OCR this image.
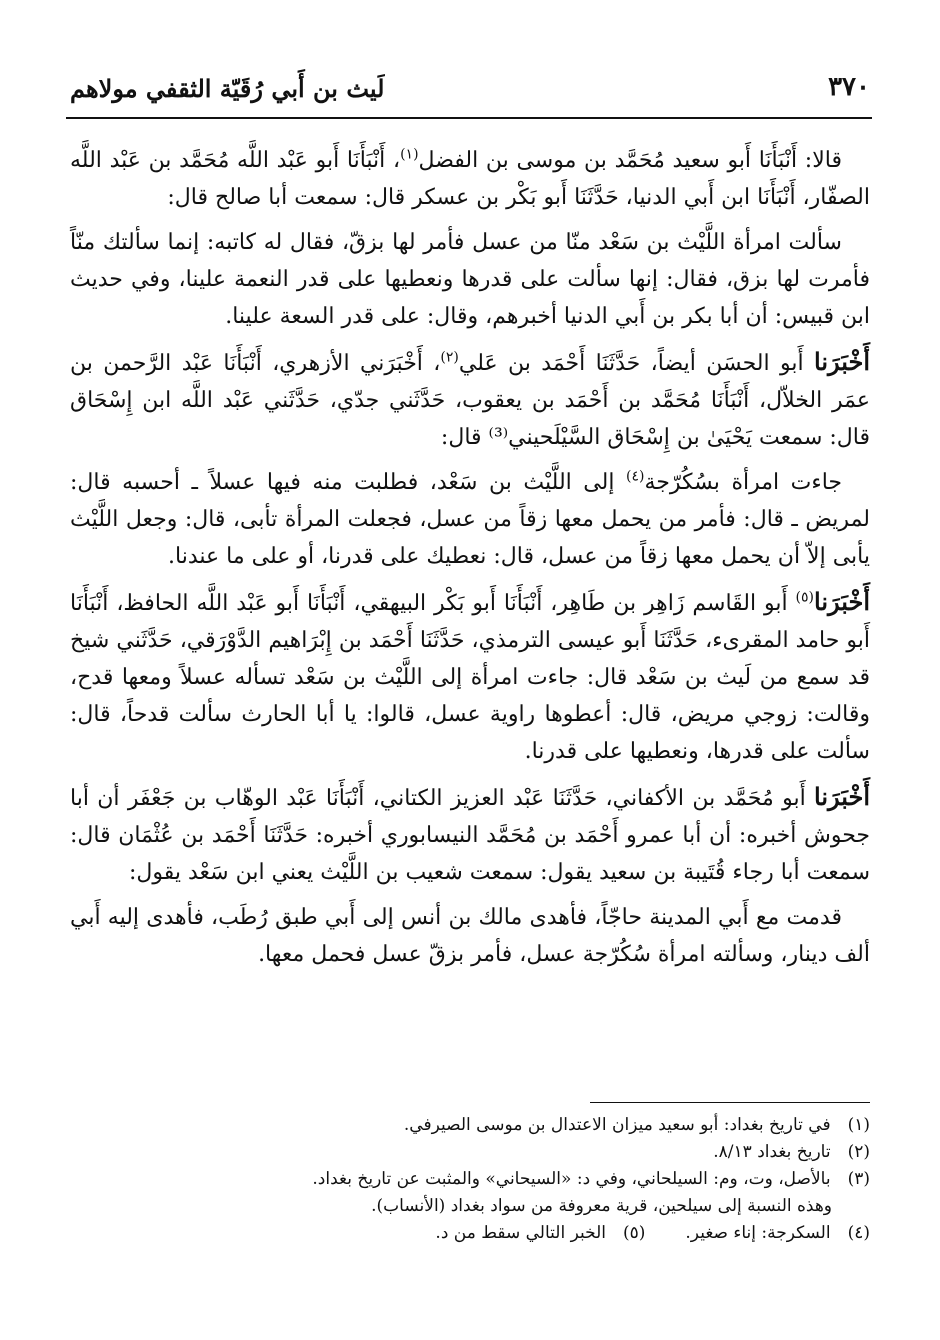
٣٧٠
لَيث بن أَبي رُقَيّة الثقفي مولاهم

قالا: أَنْبَأَنَا أَبو سعيد مُحَمَّد بن موسى بن الفضل$^{(١)}$، أَنْبَأَنَا أَبو عَبْد اللَّه مُحَمَّد بن عَبْد اللَّه الصفّار، أَنْبَأَنَا ابن أَبي الدنيا، حَدَّثَنَا أَبو بَكْر بن عسكر قال: سمعت أبا صالح قال:

سألت امرأة اللَّيْث بن سَعْد منّا من عسل فأمر لها بزقّ، فقال له كاتبه: إنما سألتك منّاً فأمرت لها بزق، فقال: إنها سألت على قدرها ونعطيها على قدر النعمة علينا، وفي حديث ابن قبيس: أن أبا بكر بن أَبي الدنيا أخبرهم، وقال: على قدر السعة علينا.

أَخْبَرَنا أَبو الحسَن أيضاً، حَدَّثَنَا أَحْمَد بن عَلي$^{(٢)}$، أَخْبَرَني الأزهري، أَنْبَأَنَا عَبْد الرَّحمن بن عمَر الخلاّل، أَنْبَأَنَا مُحَمَّد بن أَحْمَد بن يعقوب، حَدَّثَني جدّي، حَدَّثَني عَبْد اللَّه ابن إِسْحَاق قال: سمعت يَحْيَىٰ بن إِسْحَاق السَّيْلَحيني⁽³⁾ قال:

جاءت امرأة بسُكُرّجة$^{(٤)}$ إلى اللَّيْث بن سَعْد، فطلبت منه فيها عسلاً ـ أحسبه قال: لمريض ـ قال: فأمر من يحمل معها زقاً من عسل، فجعلت المرأة تأبى، قال: وجعل اللَّيْث يأبى إلاّ أن يحمل معها زقاً من عسل، قال: نعطيك على قدرنا، أو على ما عندنا.

أَخْبَرَنا$^{(٥)}$ أَبو القَاسم زَاهِر بن طَاهِر، أَنْبَأَنَا أَبو بَكْر البيهقي، أَنْبَأَنَا أَبو عَبْد اللَّه الحافظ، أَنْبَأَنَا أَبو حامد المقرىء، حَدَّثَنَا أَبو عيسى الترمذي، حَدَّثَنَا أَحْمَد بن إِبْرَاهيم الدَّوْرَقي، حَدَّثَني شيخ قد سمع من لَيث بن سَعْد قال: جاءت امرأة إلى اللَّيْث بن سَعْد تسأله عسلاً ومعها قدح، وقالت: زوجي مريض، قال: أعطوها راوية عسل، قالوا: يا أبا الحارث سألت قدحاً، قال: سألت على قدرها، ونعطيها على قدرنا.

أَخْبَرَنا أَبو مُحَمَّد بن الأكفاني، حَدَّثَنَا عَبْد العزيز الكتاني، أَنْبَأَنَا عَبْد الوهّاب بن جَعْفَر أن أبا جحوش أخبره: أن أبا عمرو أَحْمَد بن مُحَمَّد النيسابوري أخبره: حَدَّثَنَا أَحْمَد بن عُثْمَان قال: سمعت أبا رجاء قُتَيبة بن سعيد يقول: سمعت شعيب بن اللَّيْث يعني ابن سَعْد يقول:

قدمت مع أَبي المدينة حاجّاً، فأهدى مالك بن أنس إلى أَبي طبق رُطَب، فأهدى إليه أَبي ألف دينار، وسألته امرأة سُكُرّجة عسل، فأمر بزقّ عسل فحمل معها.

(١) في تاريخ بغداد: أبو سعيد ميزان الاعتدال بن موسى الصيرفي.
(٢) تاريخ بغداد ٨/١٣.
(٣) بالأصل، وت، وم: السيلحاني، وفي د: «السيحاني» والمثبت عن تاريخ بغداد.
وهذه النسبة إلى سيلحين، قرية معروفة من سواد بغداد (الأنساب).
(٤) السكرجة: إناء صغير.
(٥) الخبر التالي سقط من د.
